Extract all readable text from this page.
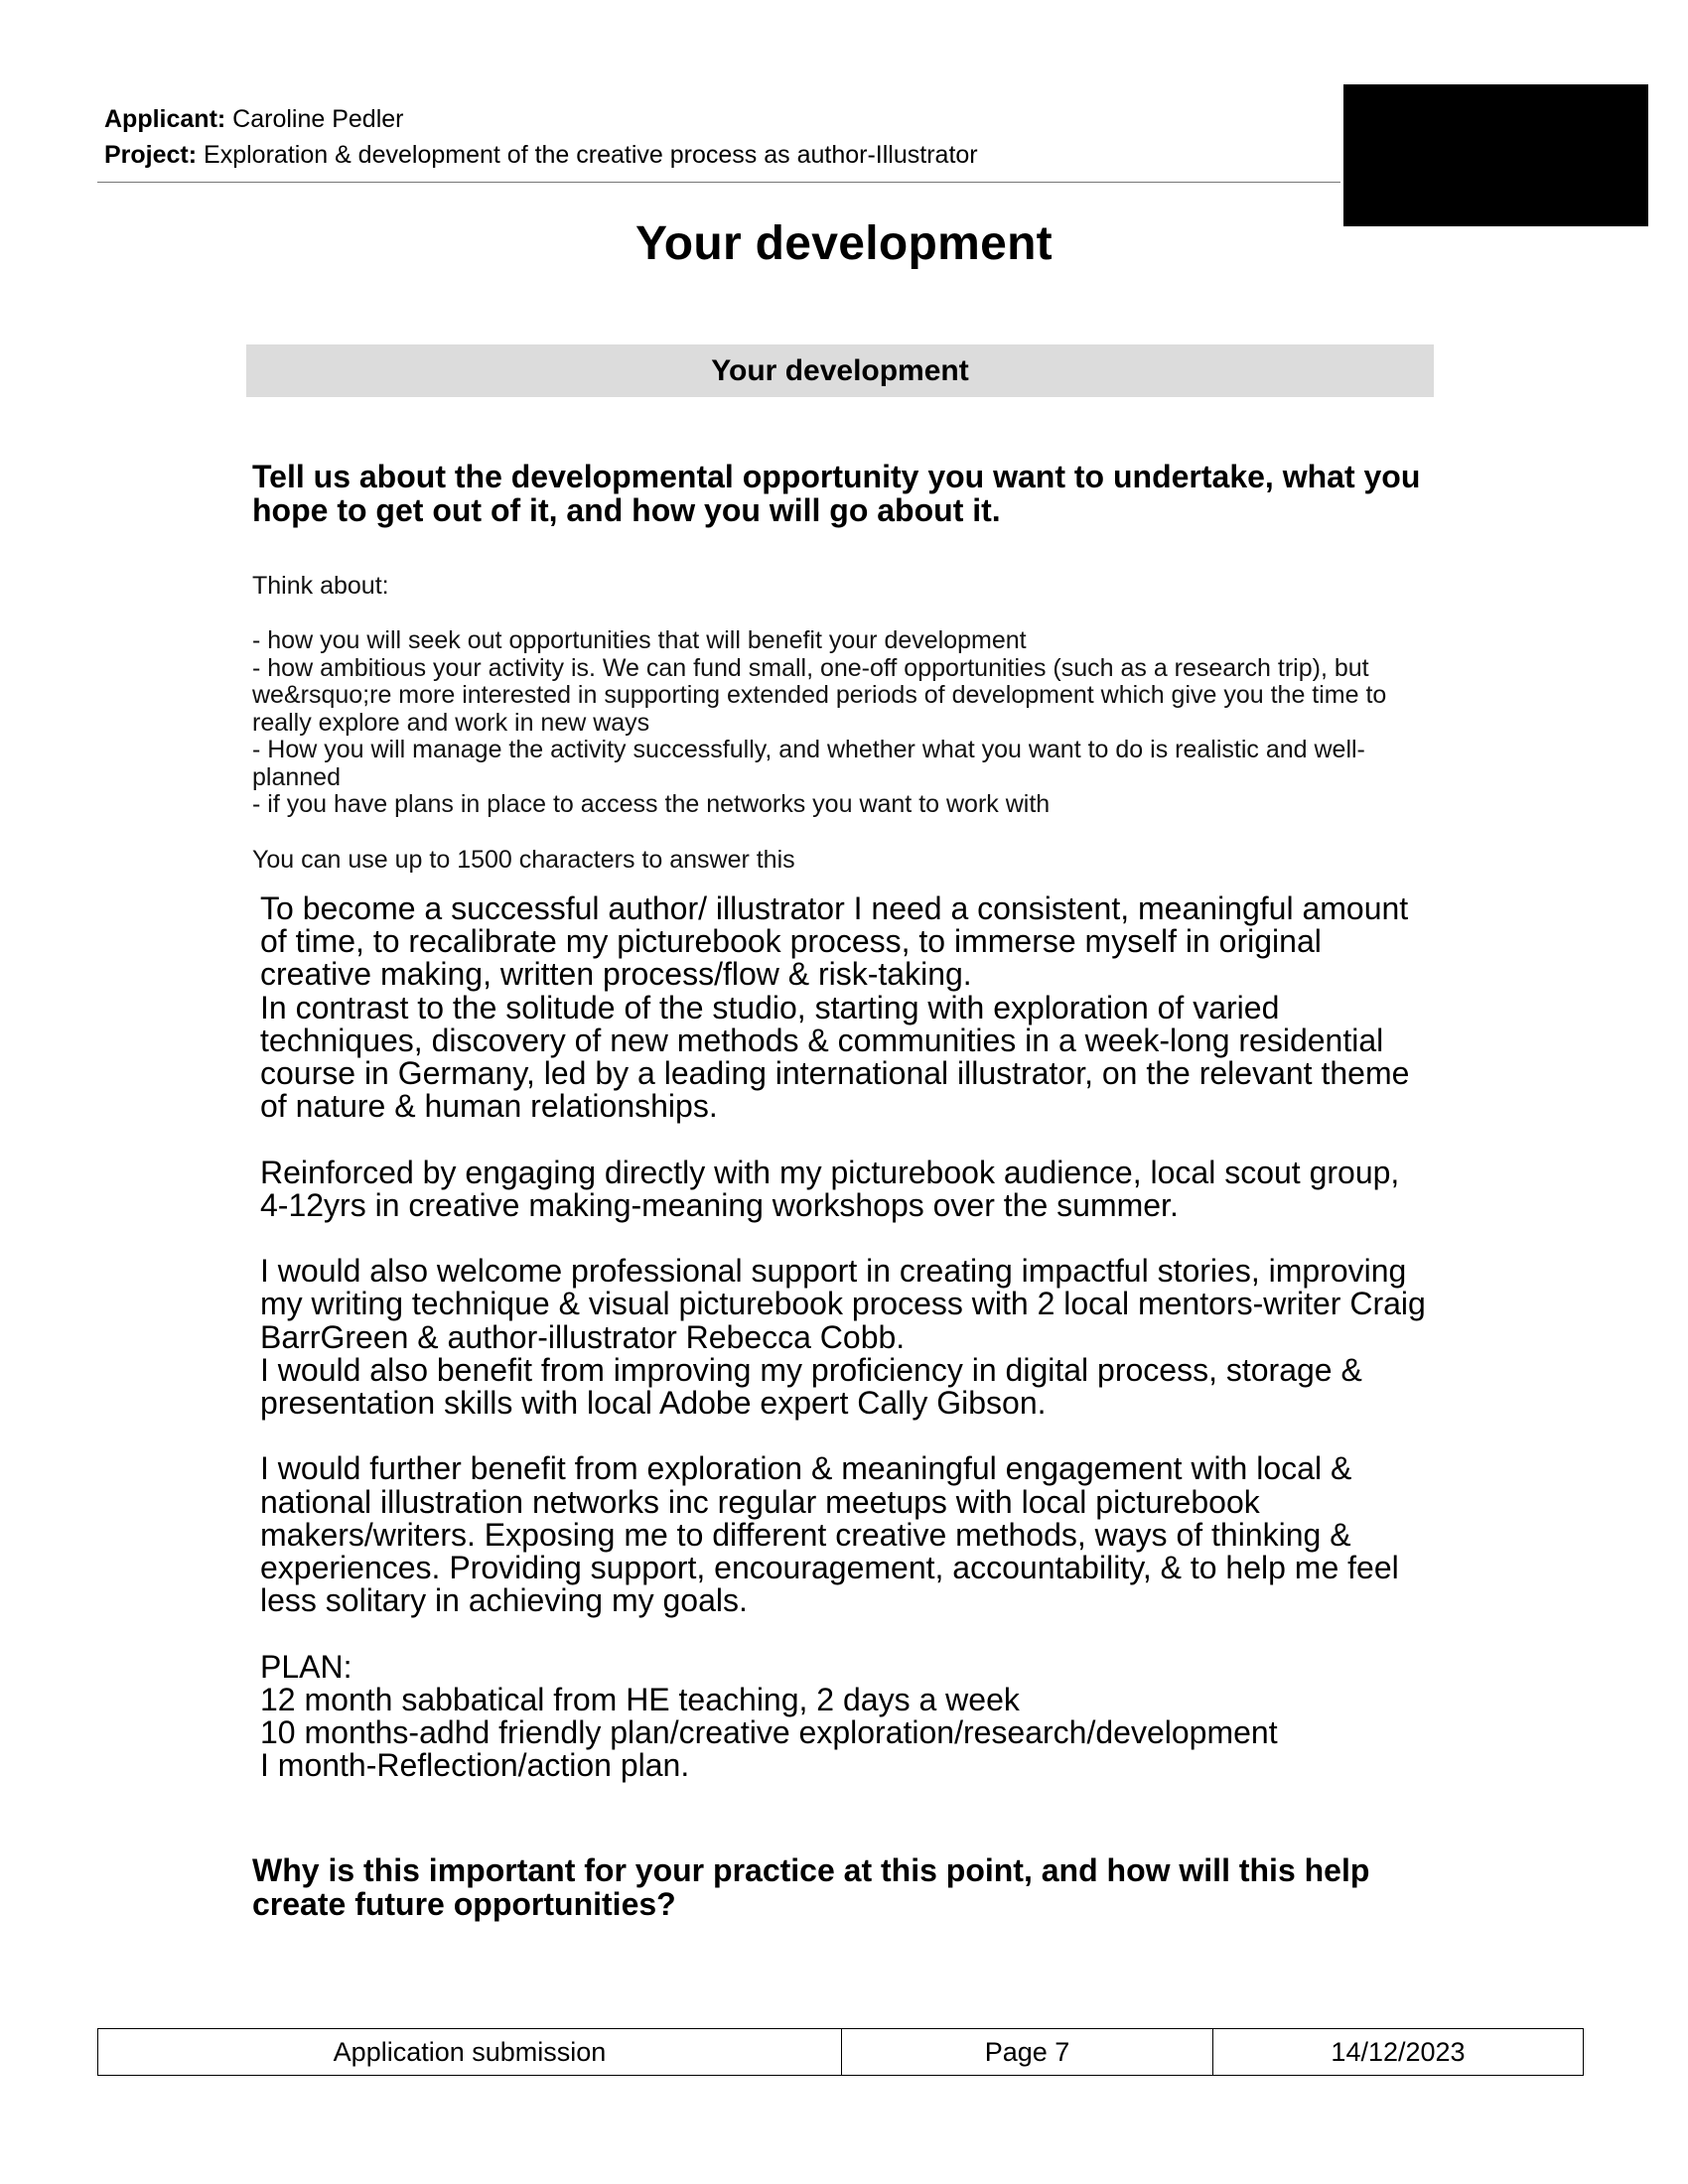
Applicant: Caroline Pedler
Project: Exploration & development of the creative process as author-Illustrator
Your development
Your development
Tell us about the developmental opportunity you want to undertake, what you hope to get out of it, and how you will go about it.
Think about:
- how you will seek out opportunities that will benefit your development
- how ambitious your activity is. We can fund small, one-off opportunities (such as a research trip), but we&rsquo;re more interested in supporting extended periods of development which give you the time to really explore and work in new ways
- How you will manage the activity successfully, and whether what you want to do is realistic and well-planned
- if you have plans in place to access the networks you want to work with
You can use up to 1500 characters to answer this
To become a successful author/ illustrator I need a consistent, meaningful amount of time, to recalibrate my picturebook process, to immerse myself in original creative making, written process/flow & risk-taking.
In contrast to the solitude of the studio, starting with exploration of varied techniques, discovery of new methods & communities in a week-long residential course in Germany, led by a leading international illustrator, on the relevant theme of nature & human relationships.

Reinforced by engaging directly with my picturebook audience, local scout group, 4-12yrs in creative making-meaning workshops over the summer.

I would also welcome professional support in creating impactful stories, improving my writing technique & visual picturebook process with 2 local mentors-writer Craig BarrGreen & author-illustrator Rebecca Cobb.
I would also benefit from improving my proficiency in digital process, storage & presentation skills with local Adobe expert Cally Gibson.

I would further benefit from exploration & meaningful engagement with local & national illustration networks inc regular meetups with local picturebook makers/writers. Exposing me to different creative methods, ways of thinking & experiences. Providing support, encouragement, accountability, & to help me feel less solitary in achieving my goals.

PLAN:
12 month sabbatical from HE teaching, 2 days a week
10 months-adhd friendly plan/creative exploration/research/development
I month-Reflection/action plan.
Why is this important for your practice at this point, and how will this help create future opportunities?
Application submission	Page 7	14/12/2023
